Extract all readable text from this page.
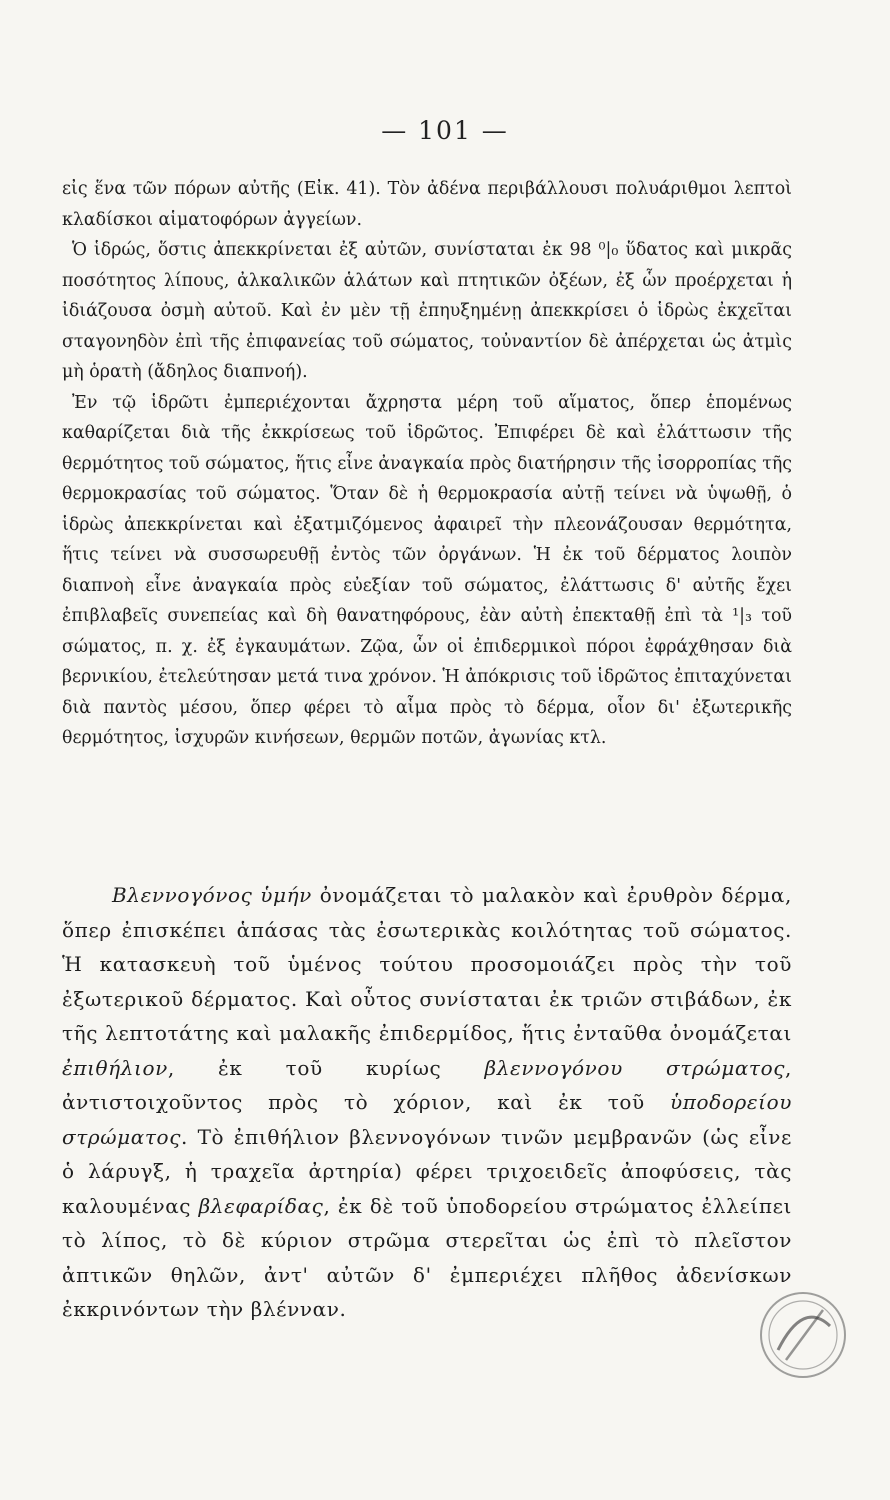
— 101 —

εἰς ἕνα τῶν πόρων αὐτῆς (Εἰκ. 41). Τὸν ἀδένα περιβάλλουσι πολυάριθμοι λεπτοὶ κλαδίσκοι αἱματοφόρων ἀγγείων.

Ὁ ἱδρώς, ὅστις ἀπεκκρίνεται ἐξ αὐτῶν, συνίσταται ἐκ 98 ⁰|₀ ὕδατος καὶ μικρᾶς ποσότητος λίπους, ἀλκαλικῶν ἁλάτων καὶ πτητικῶν ὀξέων, ἐξ ὧν προέρχεται ἡ ἰδιάζουσα ὀσμὴ αὐτοῦ. Καὶ ἐν μὲν τῇ ἐπηυξημένῃ ἀπεκκρίσει ὁ ἱδρὼς ἐκχεῖται σταγονηδὸν ἐπὶ τῆς ἐπιφανείας τοῦ σώματος, τοὐναντίον δὲ ἀπέρχεται ὡς ἀτμὶς μὴ ὁρατὴ (ἄδηλος διαπνοή).

Ἐν τῷ ἱδρῶτι ἐμπεριέχονται ἄχρηστα μέρη τοῦ αἵματος, ὅπερ ἑπομένως καθαρίζεται διὰ τῆς ἐκκρίσεως τοῦ ἱδρῶτος. Ἐπιφέρει δὲ καὶ ἐλάττωσιν τῆς θερμότητος τοῦ σώματος, ἥτις εἶνε ἀναγκαία πρὸς διατήρησιν τῆς ἰσορροπίας τῆς θερμοκρασίας τοῦ σώματος. Ὅταν δὲ ἡ θερμοκρασία αὐτῇ τείνει νὰ ὑψωθῇ, ὁ ἱδρὼς ἀπεκκρίνεται καὶ ἐξατμιζόμενος ἀφαιρεῖ τὴν πλεονάζουσαν θερμότητα, ἥτις τείνει νὰ συσσωρευθῇ ἐντὸς τῶν ὀργάνων. Ἡ ἐκ τοῦ δέρματος λοιπὸν διαπνοὴ εἶνε ἀναγκαία πρὸς εὐεξίαν τοῦ σώματος, ἐλάττωσις δ' αὐτῆς ἔχει ἐπιβλαβεῖς συνεπείας καὶ δὴ θανατηφόρους, ἐὰν αὐτὴ ἐπεκταθῇ ἐπὶ τὰ ¹|₃ τοῦ σώματος, π. χ. ἐξ ἐγκαυμάτων. Ζῷα, ὧν οἱ ἐπιδερμικοὶ πόροι ἐφράχθησαν διὰ βερνικίου, ἐτελεύτησαν μετά τινα χρόνον. Ἡ ἀπόκρισις τοῦ ἱδρῶτος ἐπιταχύνεται διὰ παντὸς μέσου, ὅπερ φέρει τὸ αἷμα πρὸς τὸ δέρμα, οἷον δι' ἐξωτερικῆς θερμότητος, ἰσχυρῶν κινήσεων, θερμῶν ποτῶν, ἀγωνίας κτλ.

Βλεννογόνος ὑμήν ὀνομάζεται τὸ μαλακὸν καὶ ἐρυθρὸν δέρμα, ὅπερ ἐπισκέπει ἁπάσας τὰς ἐσωτερικὰς κοιλότητας τοῦ σώματος. Ἡ κατασκευὴ τοῦ ὑμένος τούτου προσομοιάζει πρὸς τὴν τοῦ ἐξωτερικοῦ δέρματος. Καὶ οὗτος συνίσταται ἐκ τριῶν στιβάδων, ἐκ τῆς λεπτοτάτης καὶ μαλακῆς ἐπιδερμίδος, ἥτις ἐνταῦθα ὀνομάζεται ἐπιθήλιον, ἐκ τοῦ κυρίως βλεννογόνου στρώματος, ἀντιστοιχοῦντος πρὸς τὸ χόριον, καὶ ἐκ τοῦ ὑποδορείου στρώματος. Τὸ ἐπιθήλιον βλεννογόνων τινῶν μεμβρανῶν (ὡς εἶνε ὁ λάρυγξ, ἡ τραχεῖα ἀρτηρία) φέρει τριχοειδεῖς ἀποφύσεις, τὰς καλουμένας βλεφαρίδας, ἐκ δὲ τοῦ ὑποδορείου στρώματος ἐλλείπει τὸ λίπος, τὸ δὲ κύριον στρῶμα στερεῖται ὡς ἐπὶ τὸ πλεῖστον ἀπτικῶν θηλῶν, ἀντ' αὐτῶν δ' ἐμπεριέχει πλῆθος ἀδενίσκων ἐκκρινόντων τὴν βλένναν.
